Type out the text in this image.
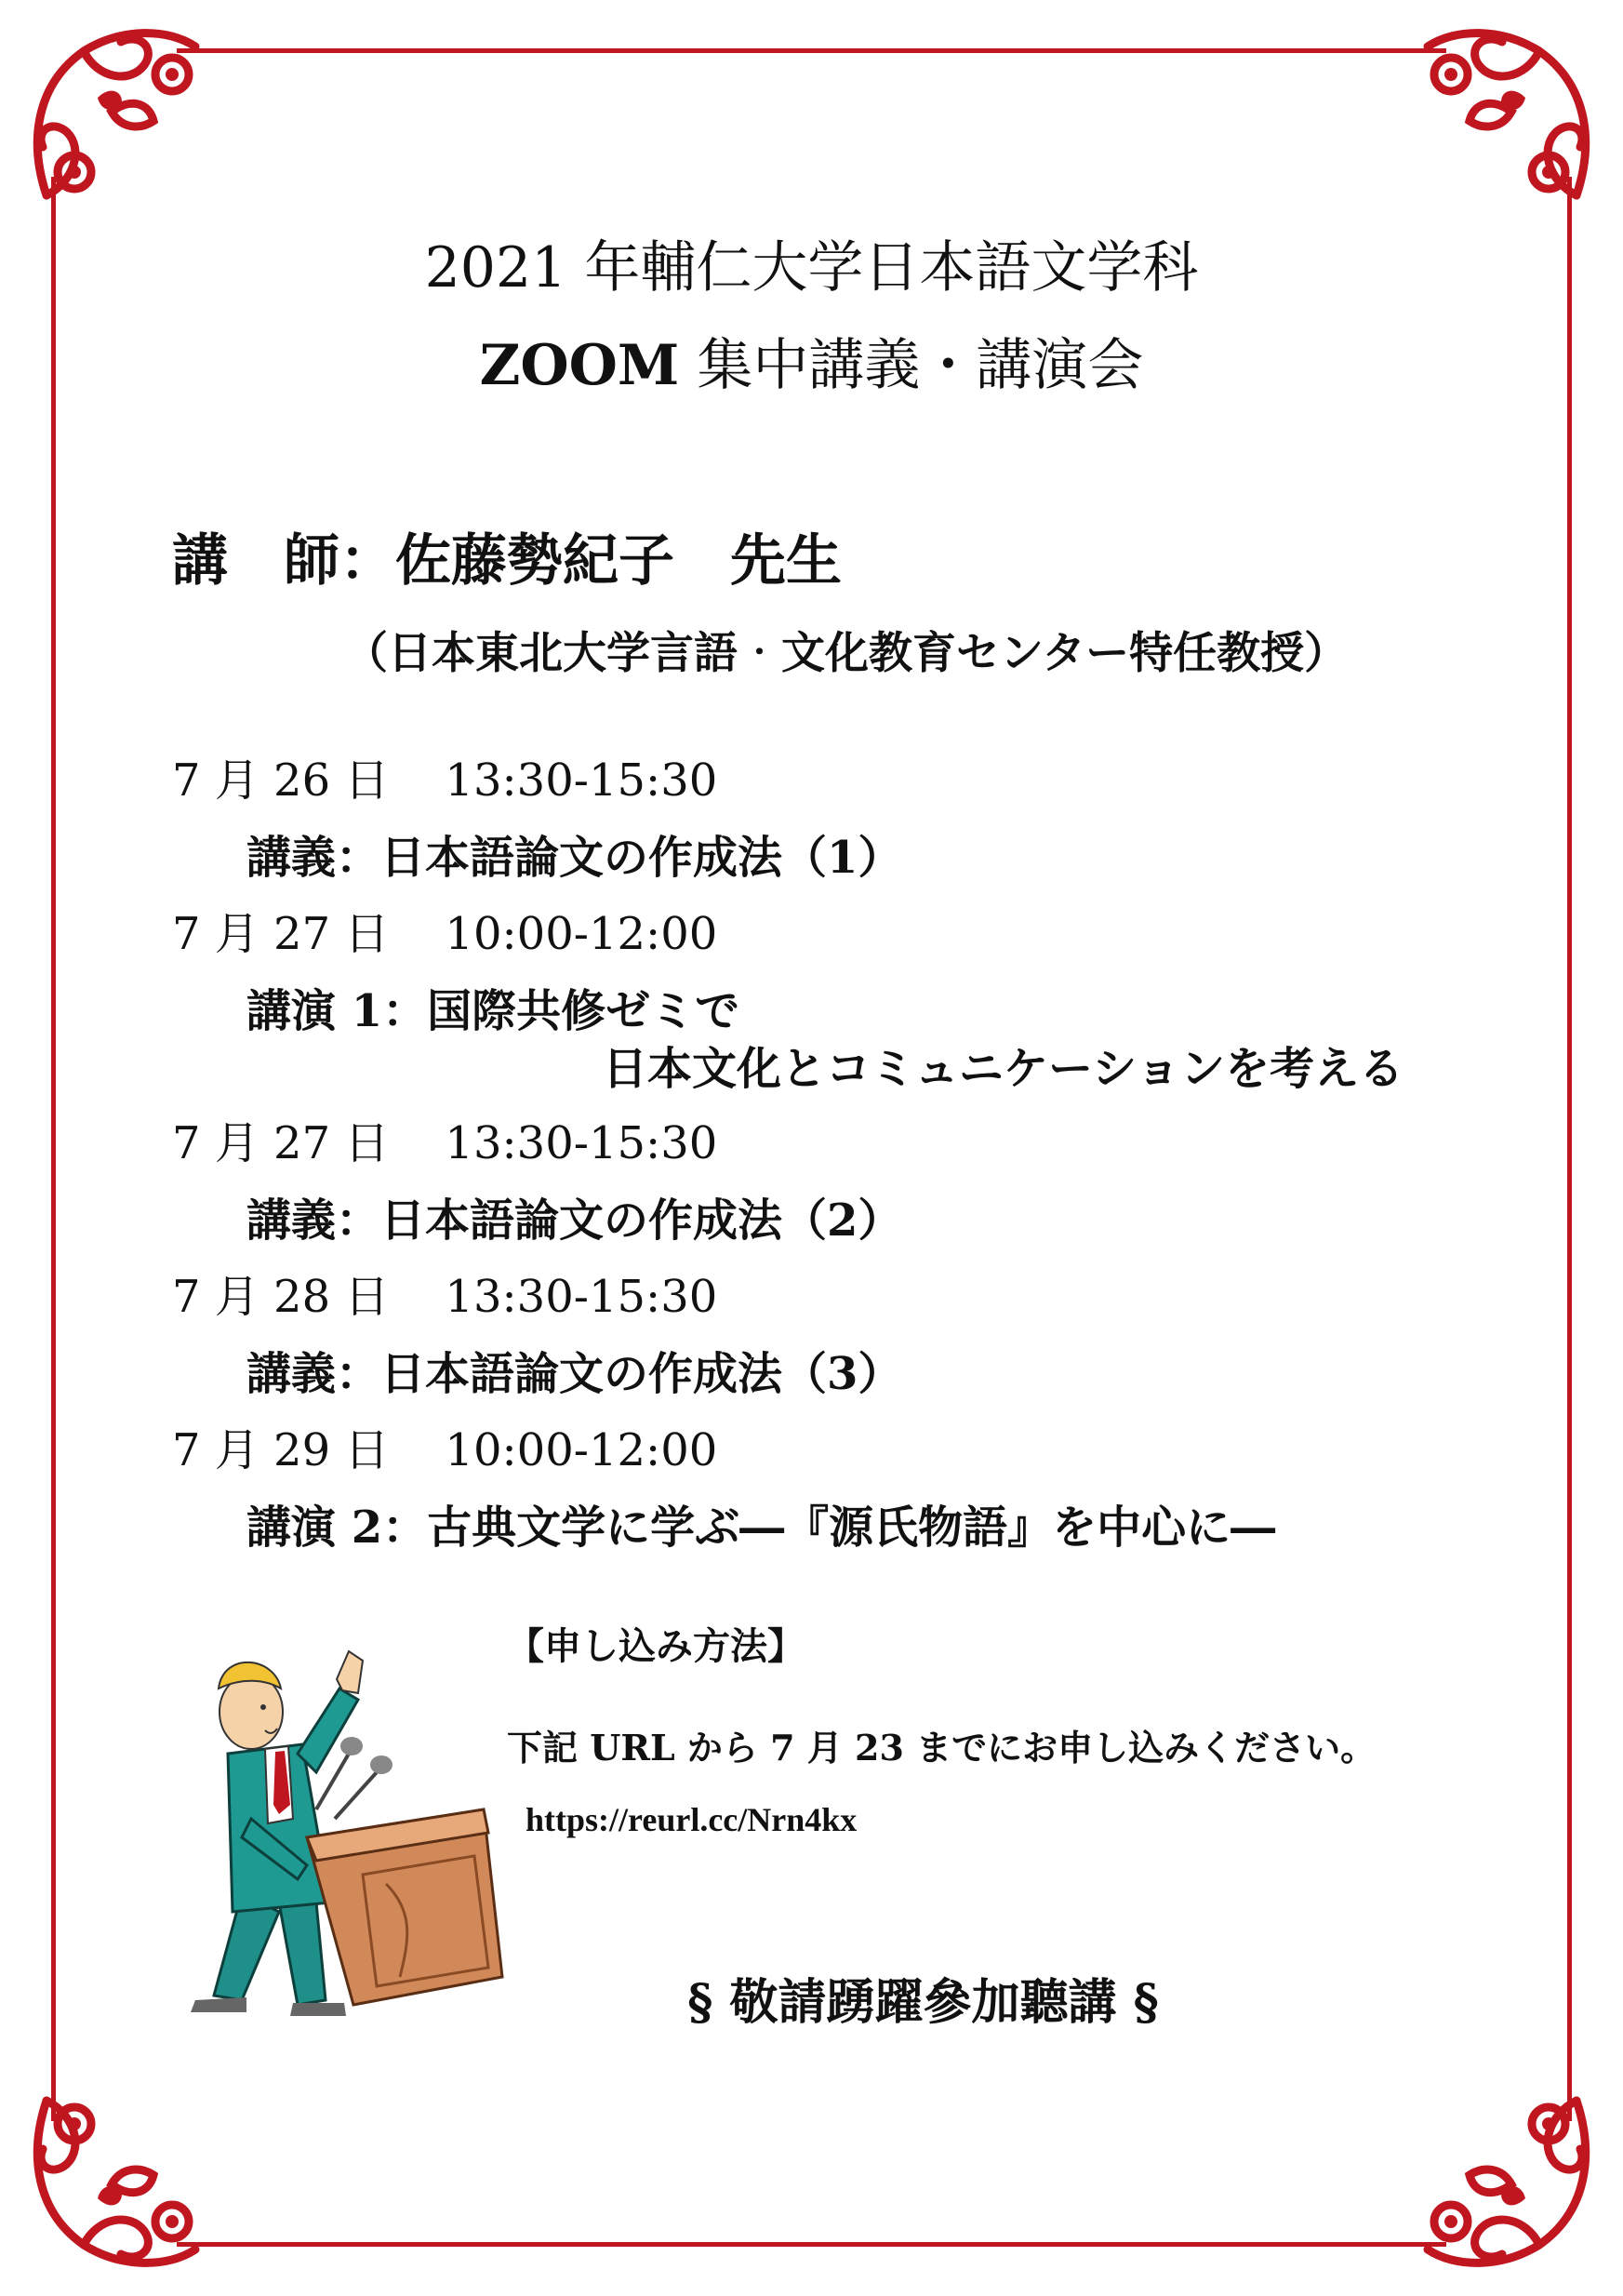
2021 年輔仁大学日本語文学科
ZOOM 集中講義・講演会
講　師：佐藤勢紀子　先生
（日本東北大学言語‧文化教育センター特任教授）
7 月 26 日 13:30-15:30
講義：日本語論文の作成法（1）
7 月 27 日 10:00-12:00
講演 1：国際共修ゼミで
日本文化とコミュニケーションを考える
7 月 27 日 13:30-15:30
講義：日本語論文の作成法（2）
7 月 28 日 13:30-15:30
講義：日本語論文の作成法（3）
7 月 29 日 10:00-12:00
講演 2：古典文学に学ぶ―『源氏物語』を中心に―
【申し込み方法】
下記 URL から 7 月 23 までにお申し込みください。
https://reurl.cc/Nrn4kx
§ 敬請踴躍參加聽講 §
